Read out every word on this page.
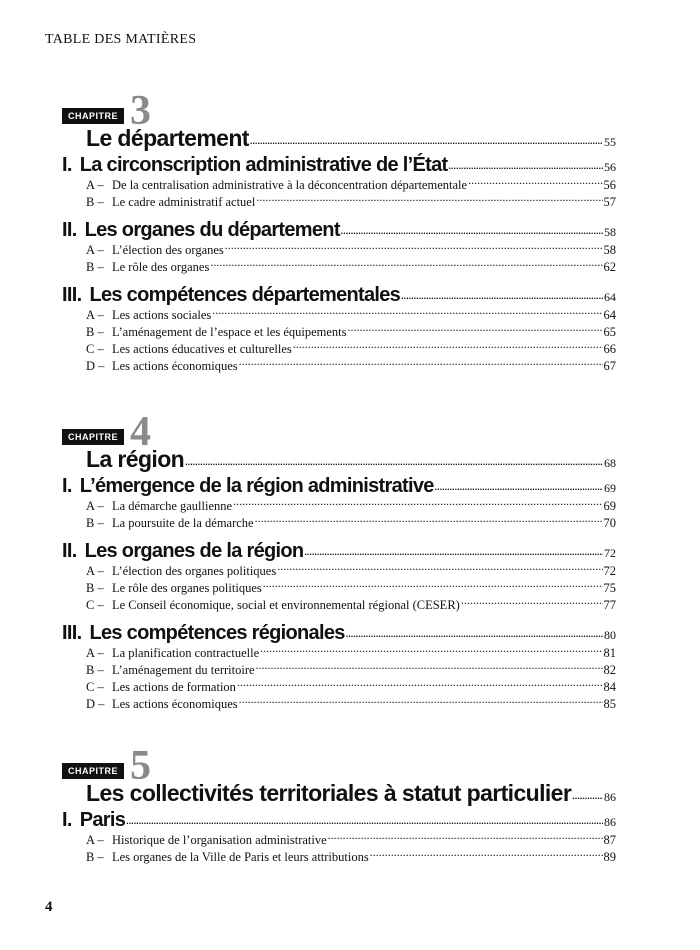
TABLE DES MATIÈRES
CHAPITRE 3
Le département .....	55
I. La circonscription administrative de l’État .....	56
A – De la centralisation administrative à la déconcentration départementale .....	56
B – Le cadre administratif actuel .....	57
II. Les organes du département .....	58
A – L’élection des organes .....	58
B – Le rôle des organes .....	62
III. Les compétences départementales .....	64
A – Les actions sociales .....	64
B – L’aménagement de l’espace et les équipements .....	65
C – Les actions éducatives et culturelles .....	66
D – Les actions économiques .....	67
CHAPITRE 4
La région .....	68
I. L’émergence de la région administrative .....	69
A – La démarche gaullienne .....	69
B – La poursuite de la démarche .....	70
II. Les organes de la région .....	72
A – L’élection des organes politiques .....	72
B – Le rôle des organes politiques .....	75
C – Le Conseil économique, social et environnemental régional (CESER) .....	77
III. Les compétences régionales .....	80
A – La planification contractuelle .....	81
B – L’aménagement du territoire .....	82
C – Les actions de formation .....	84
D – Les actions économiques .....	85
CHAPITRE 5
Les collectivités territoriales à statut particulier .....	86
I. Paris .....	86
A – Historique de l’organisation administrative .....	87
B – Les organes de la Ville de Paris et leurs attributions .....	89
4
